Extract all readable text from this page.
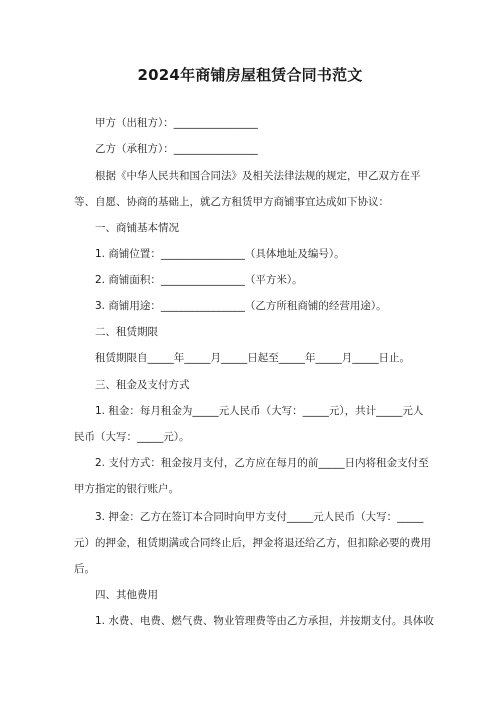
2024年商铺房屋租赁合同书范文
甲方（出租方）：________________
乙方（承租方）：________________
根据《中华人民共和国合同法》及相关法律法规的规定，甲乙双方在平
等、自愿、协商的基础上，就乙方租赁甲方商铺事宜达成如下协议：
一、商铺基本情况
1. 商铺位置：________________（具体地址及编号）。
2. 商铺面积：________________（平方米）。
3. 商铺用途：________________（乙方所租商铺的经营用途）。
二、租赁期限
租赁期限自_____年_____月_____日起至_____年_____月_____日止。
三、租金及支付方式
1. 租金：每月租金为_____元人民币（大写：_____元），共计_____元人
民币（大写：_____元）。
2. 支付方式：租金按月支付，乙方应在每月的前_____日内将租金支付至
甲方指定的银行账户。
3. 押金：乙方在签订本合同时向甲方支付_____元人民币（大写：_____
元）的押金，租赁期满或合同终止后，押金将退还给乙方，但扣除必要的费用
后。
四、其他费用
1. 水费、电费、燃气费、物业管理费等由乙方承担，并按期支付。具体收
